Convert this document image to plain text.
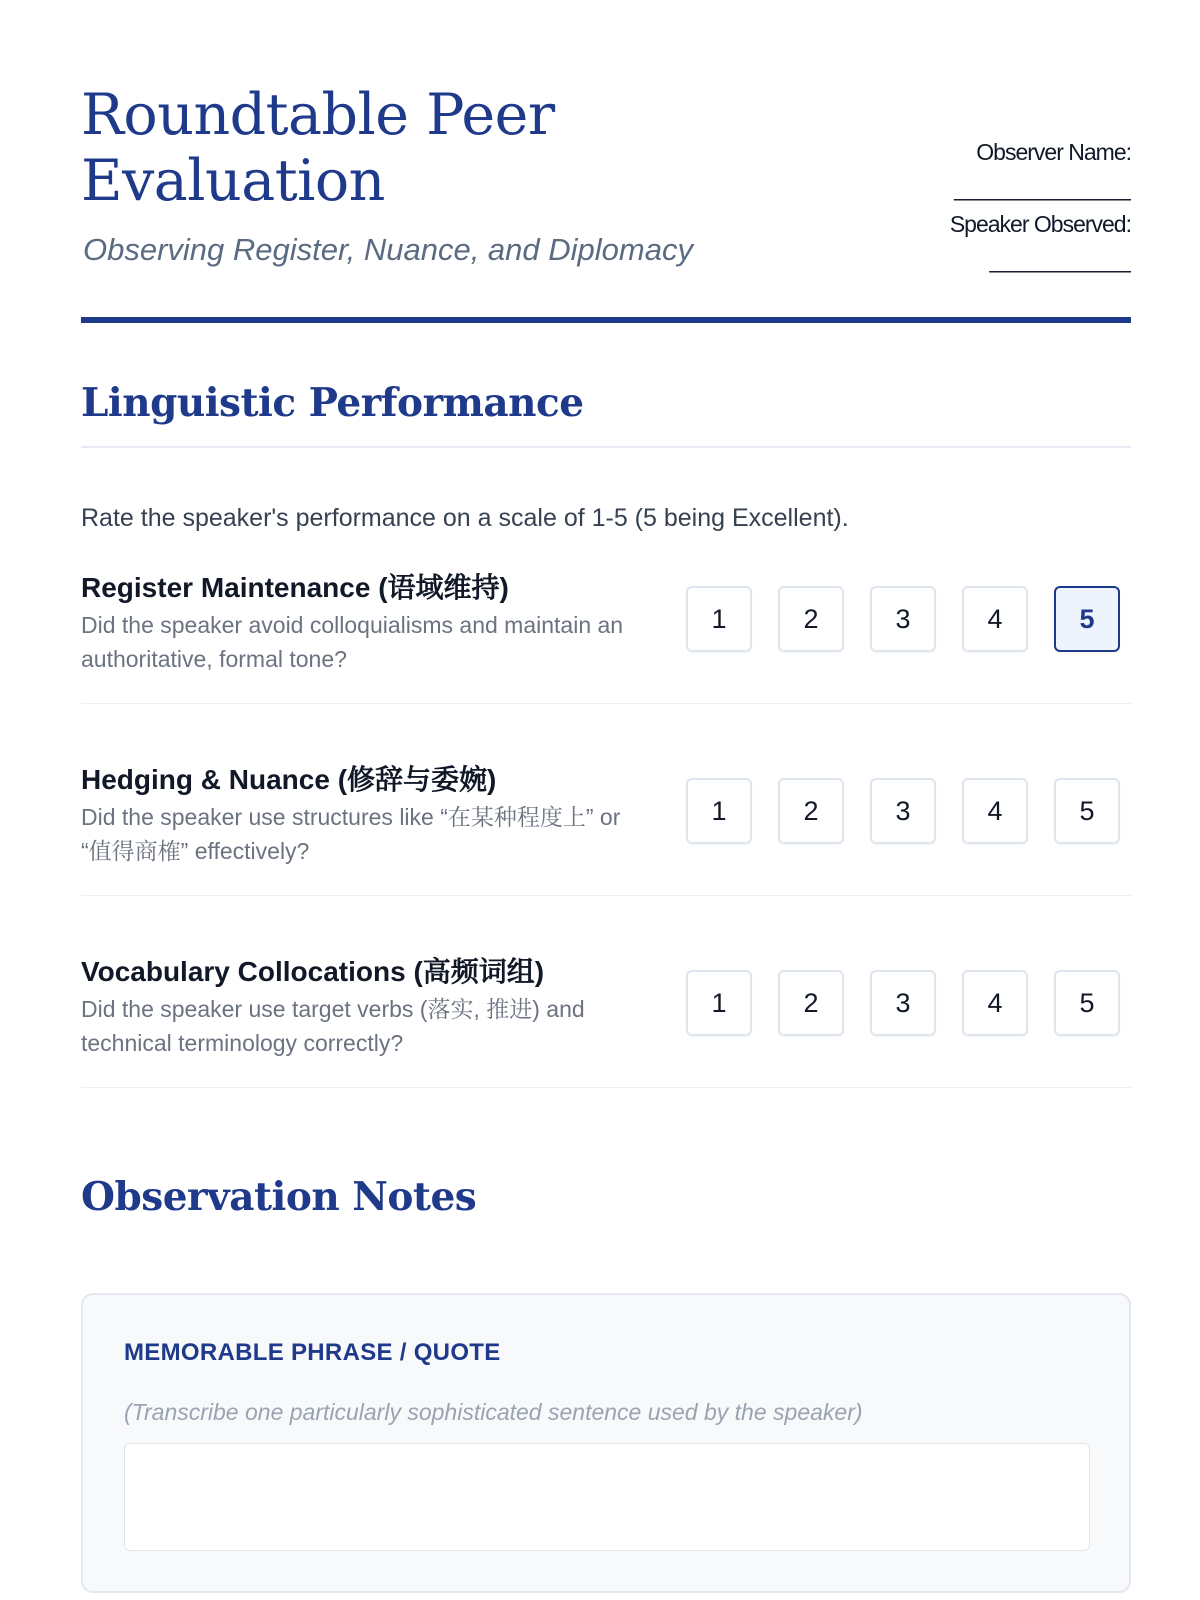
Roundtable Peer Evaluation
Observing Register, Nuance, and Diplomacy
Observer Name:
_______________
Speaker Observed:
____________
Linguistic Performance
Rate the speaker's performance on a scale of 1-5 (5 being Excellent).
Register Maintenance (语域维持)
Did the speaker avoid colloquialisms and maintain an authoritative, formal tone?
1	2	3	4	5
Hedging & Nuance (修辞与委婉)
Did the speaker use structures like “在某种程度上” or “值得商榷” effectively?
1	2	3	4	5
Vocabulary Collocations (高频词组)
Did the speaker use target verbs (落实, 推进) and technical terminology correctly?
1	2	3	4	5
Observation Notes
MEMORABLE PHRASE / QUOTE
(Transcribe one particularly sophisticated sentence used by the speaker)
